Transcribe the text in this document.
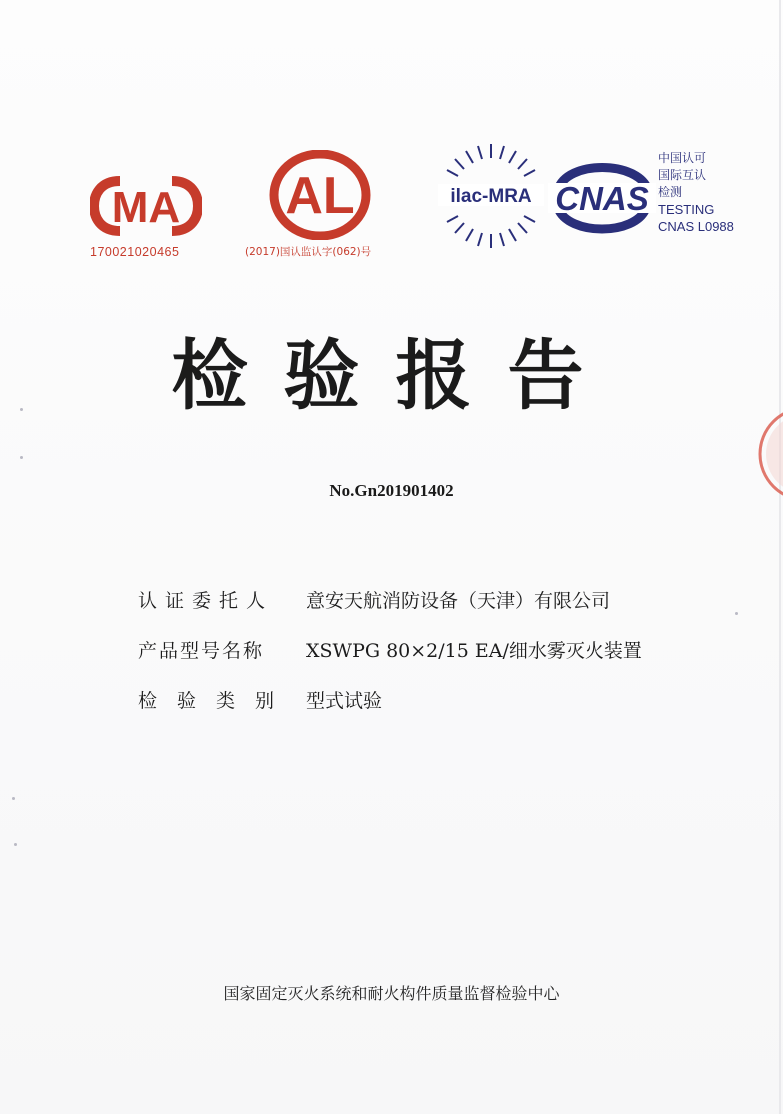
MA
170021020465
AL
(2017)国认监认字(062)号
ilac-MRA CNAS
中国认可
国际互认
检测
TESTING
CNAS L0988
检验报告
No.Gn201901402
认证委托人 意安天航消防设备（天津）有限公司
产品型号名称	XSWPG 80×2/15 EA/细水雾灭火装置
检验类别 型式试验
国家固定灭火系统和耐火构件质量监督检验中心
